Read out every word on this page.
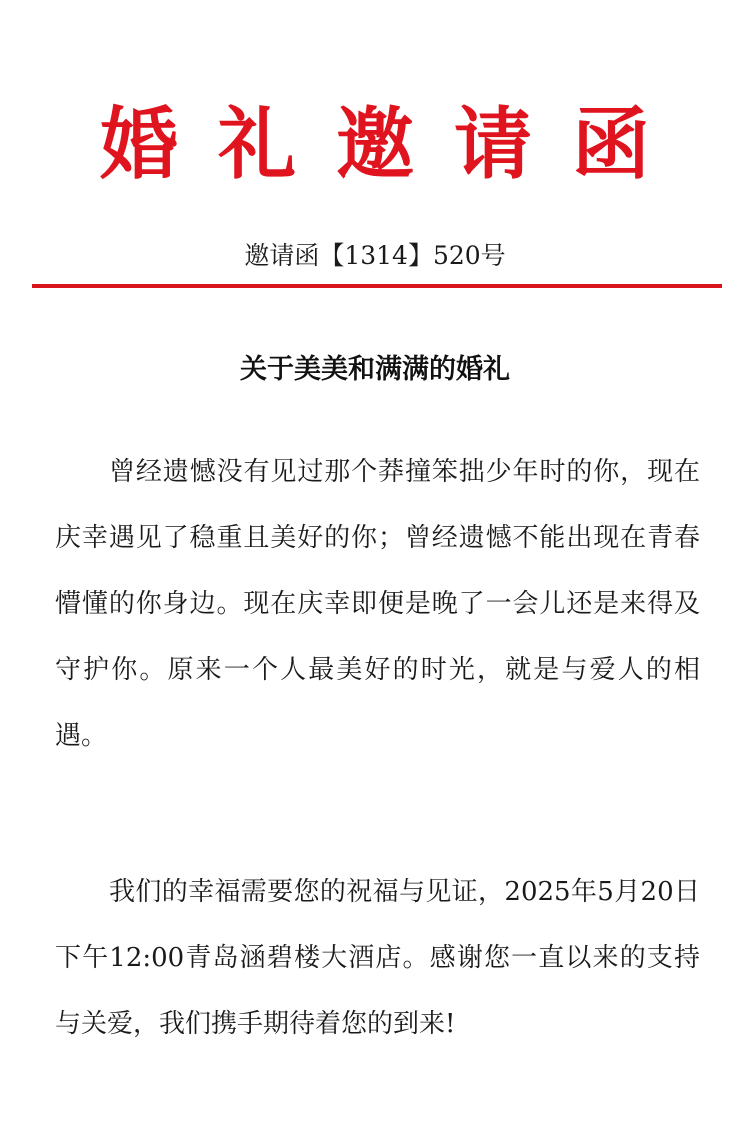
婚礼邀请函
邀请函【1314】520号
关于美美和满满的婚礼

曾经遗憾没有见过那个莽撞笨拙少年时的你，现在庆幸遇见了稳重且美好的你；曾经遗憾不能出现在青春懵懂的你身边。现在庆幸即便是晚了一会儿还是来得及守护你。原来一个人最美好的时光，就是与爱人的相遇。

我们的幸福需要您的祝福与见证，2025年5月20日下午12:00青岛涵碧楼大酒店。感谢您一直以来的支持与关爱，我们携手期待着您的到来!
